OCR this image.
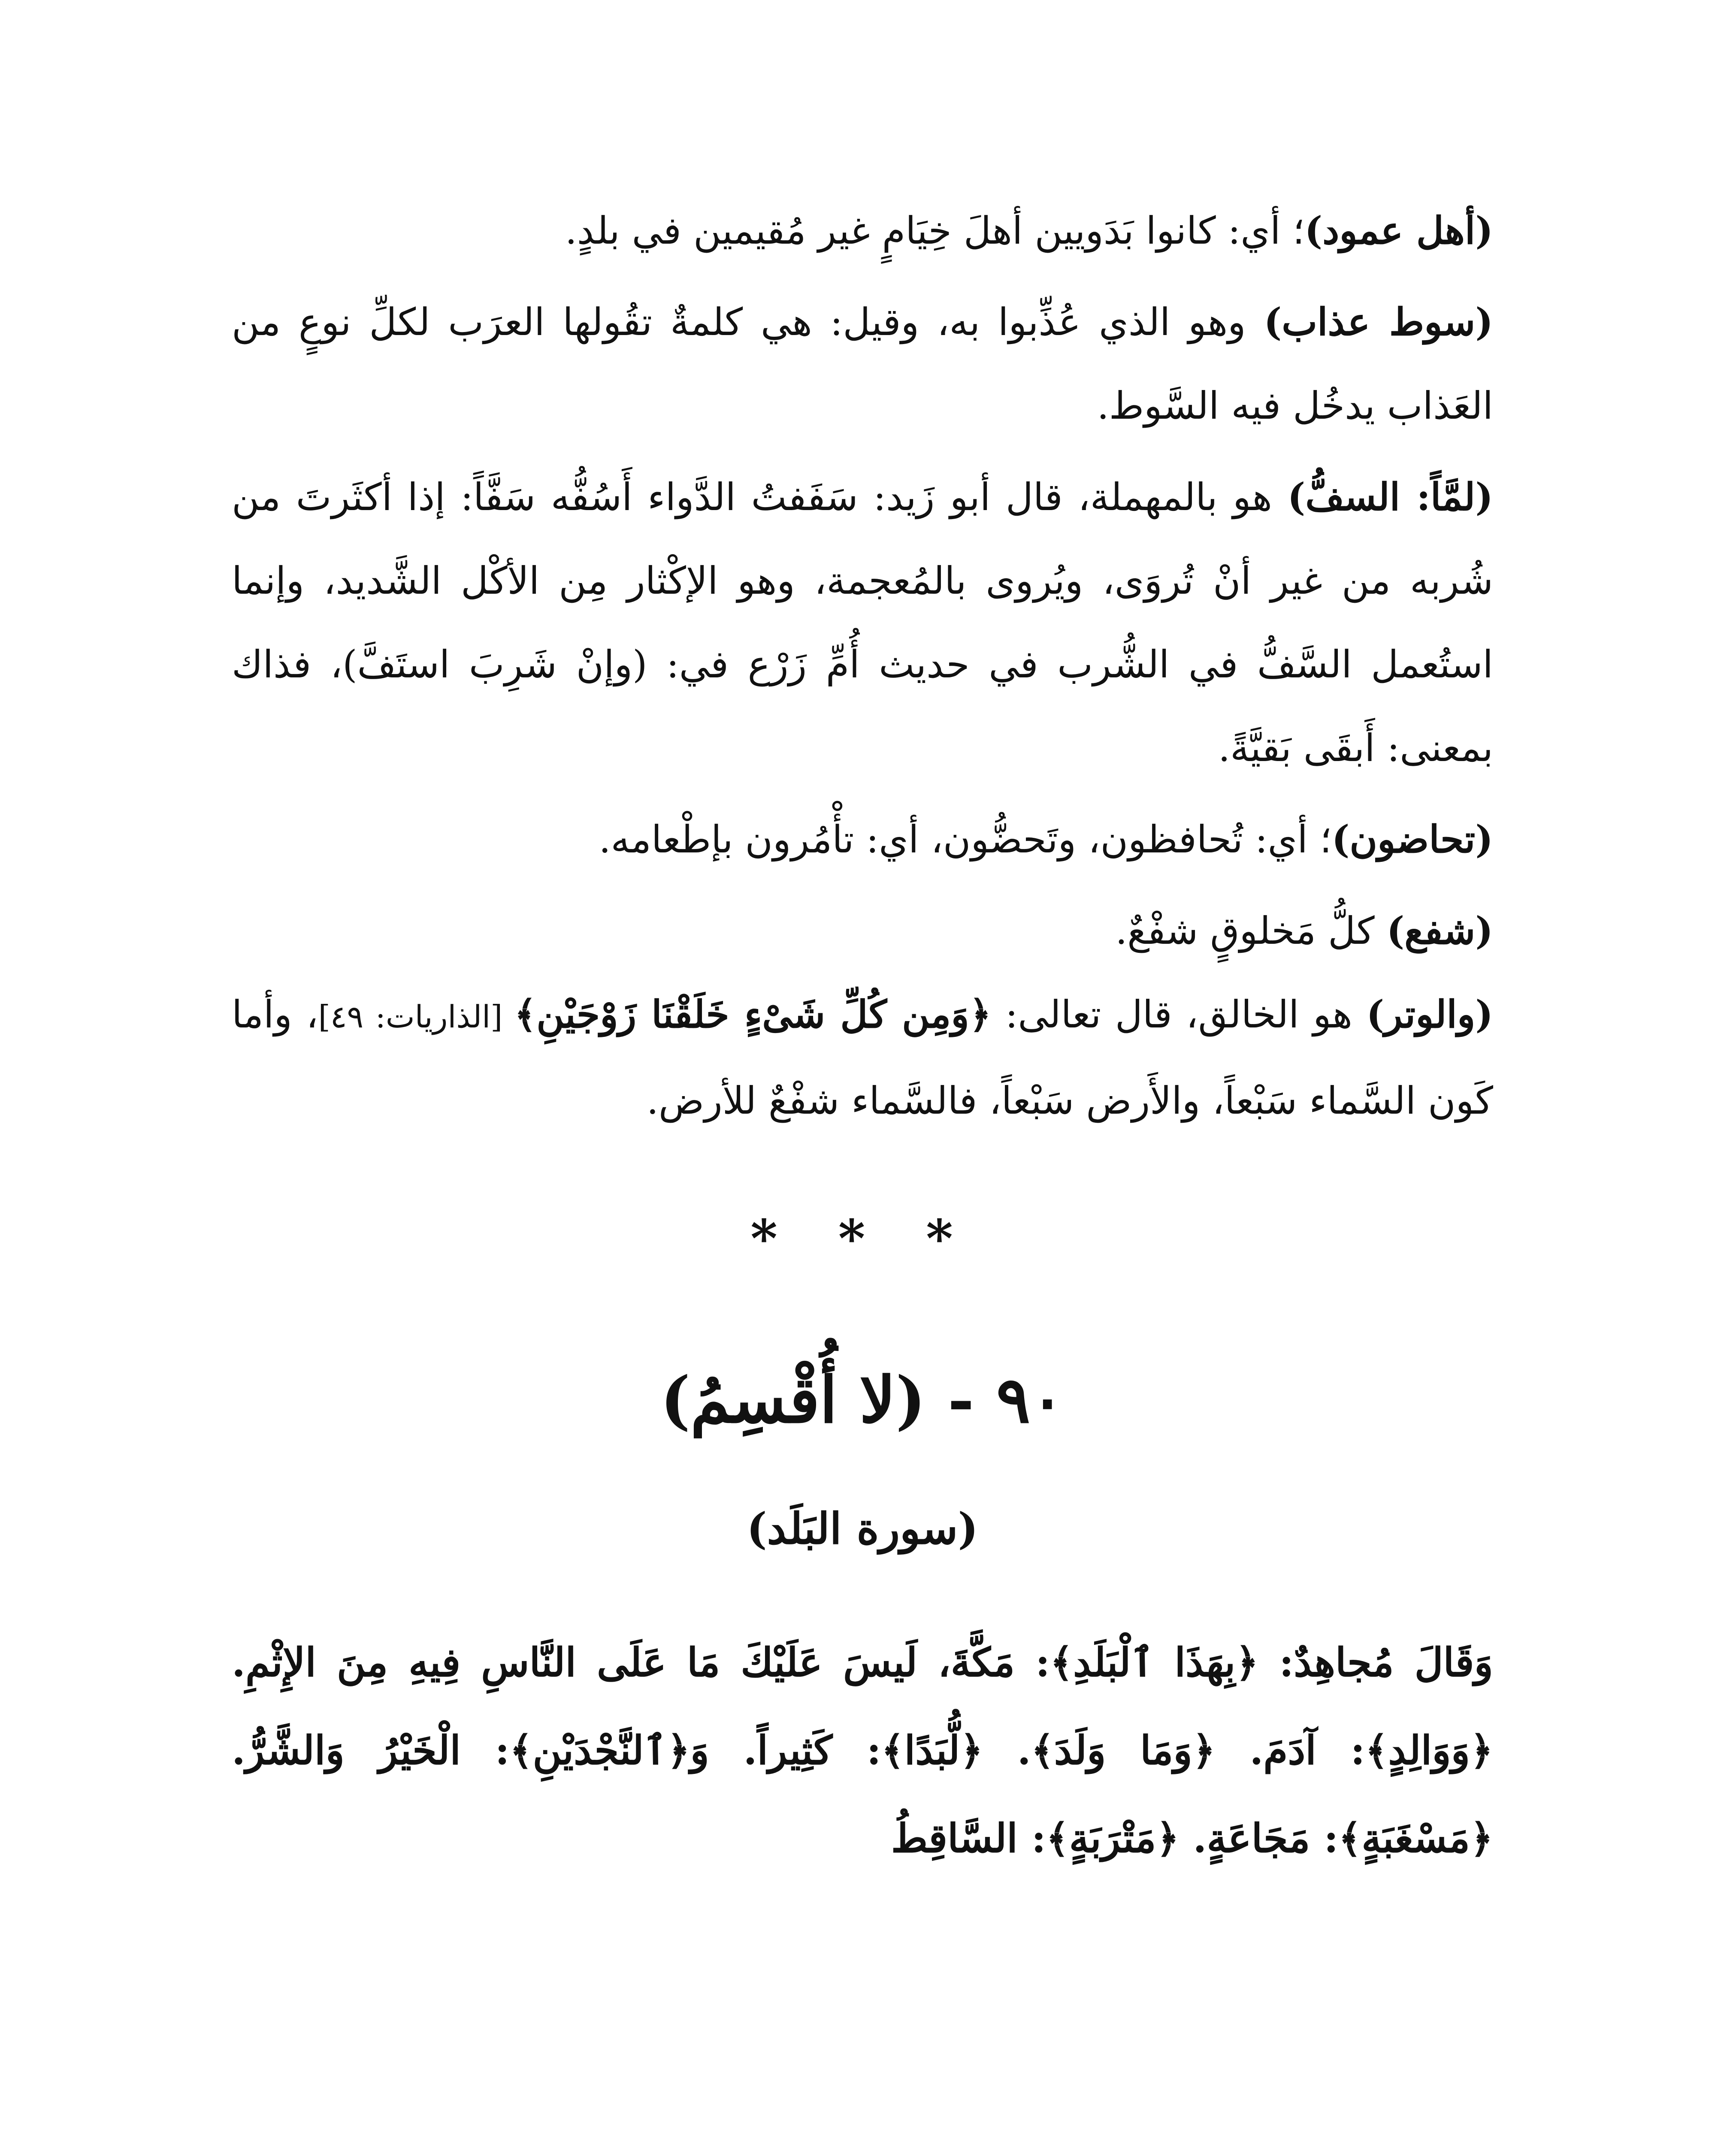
(أهل عمود)؛ أي: كانوا بَدَويين أهلَ خِيَامٍ غير مُقيمين في بلدٍ.

(سوط عذاب) وهو الذي عُذِّبوا به، وقيل: هي كلمةٌ تقُولها العرَب لكلِّ نوعٍ من العَذاب يدخُل فيه السَّوط.

(لمَّاً: السفُّ) هو بالمهملة، قال أبو زَيد: سَفَفتُ الدَّواء أَسُفُّه سَفَّاً: إذا أكثَرتَ من شُربه من غير أنْ تُروَى، ويُروى بالمُعجمة، وهو الإكْثار مِن الأكْل الشَّديد، وإنما استُعمل السَّفُّ في الشُّرب في حديث أُمِّ زَرْع في: (وإنْ شَرِبَ استَفَّ)، فذاك بمعنى: أَبقَى بَقيَّةً.

(تحاضون)؛ أي: تُحافظون، وتَحضُّون، أي: تأْمُرون بإطْعامه.

(شفع) كلُّ مَخلوقٍ شفْعٌ.

(والوتر) هو الخالق، قال تعالى: ﴿وَمِن كُلِّ شَىْءٍ خَلَقْنَا زَوْجَيْنِ﴾ [الذاريات: ٤٩]، وأما كَون السَّماء سَبْعاً، والأَرض سَبْعاً، فالسَّماء شفْعٌ للأرض.

* * *
٩٠ - (لا أُقْسِمُ)
(سورة البَلَد)

وَقَالَ مُجاهِدٌ: ﴿بِهَذَا ٱلْبَلَدِ﴾: مَكَّةَ، لَيسَ عَلَيْكَ مَا عَلَى النَّاسِ فِيهِ مِنَ الإِثْمِ. ﴿وَوَالِدٍ﴾: آدَمَ. ﴿وَمَا وَلَدَ﴾. ﴿لُّبَدًا﴾: كَثِيراً. وَ﴿ٱلنَّجْدَيْنِ﴾: الْخَيْرُ وَالشَّرُّ. ﴿مَسْغَبَةٍ﴾: مَجَاعَةٍ. ﴿مَتْرَبَةٍ﴾: السَّاقِطُ
